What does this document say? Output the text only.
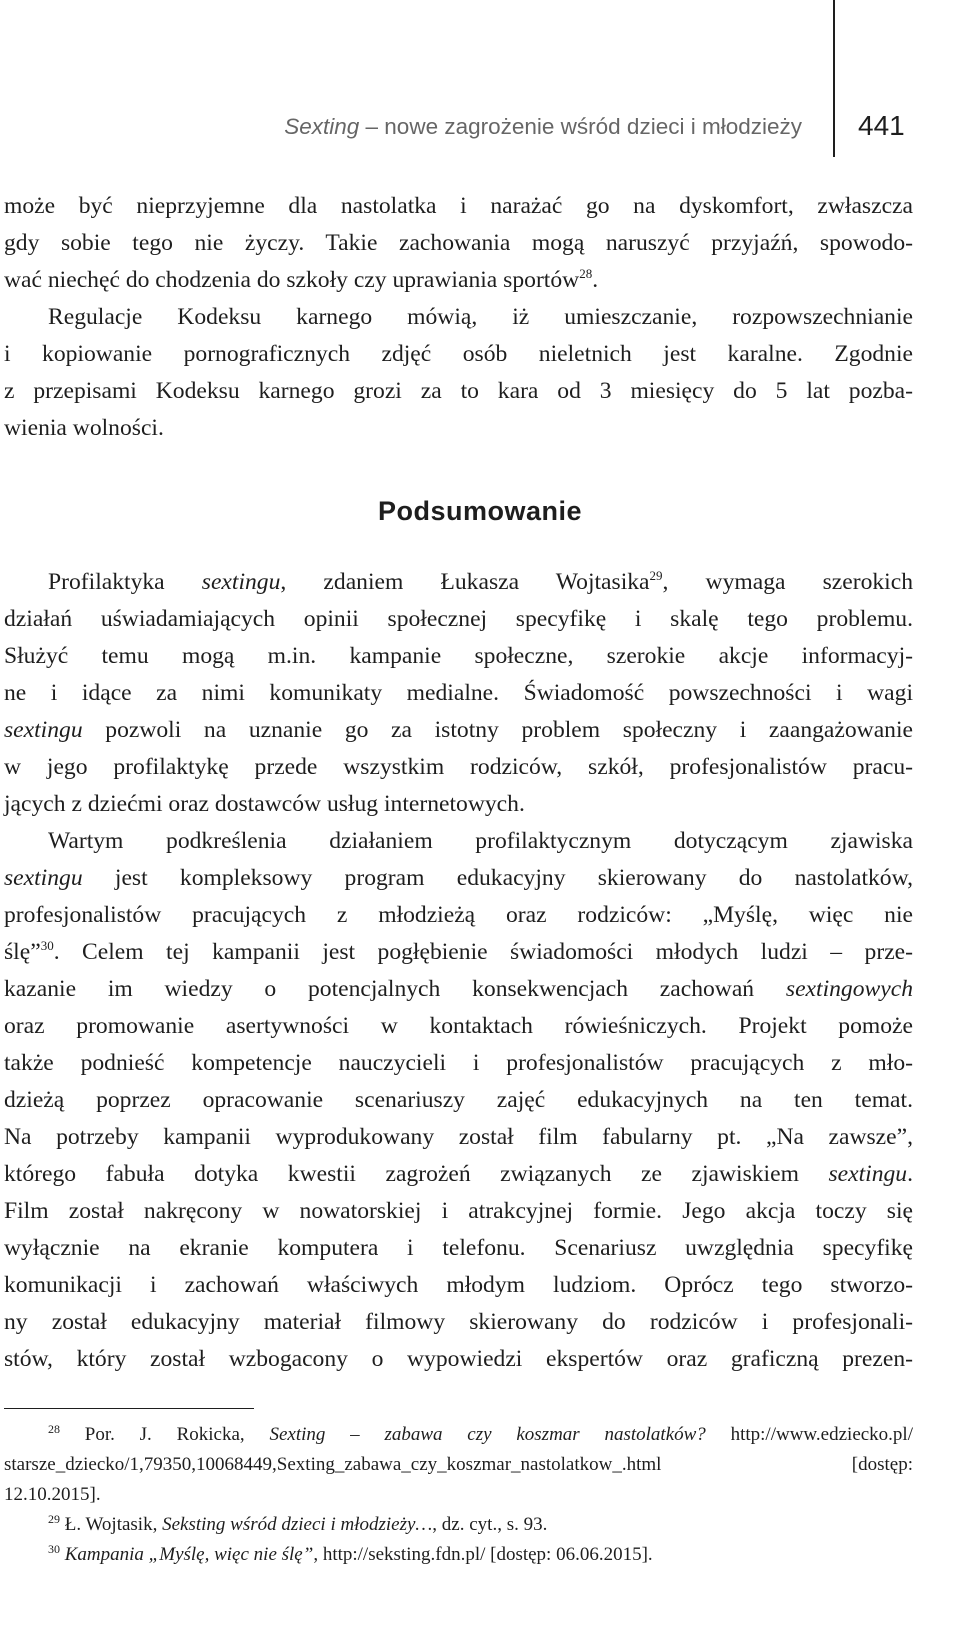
Sexting – nowe zagrożenie wśród dzieci i młodzieży 441
może być nieprzyjemne dla nastolatka i narażać go na dyskomfort, zwłaszcza
gdy sobie tego nie życzy. Takie zachowania mogą naruszyć przyjaźń, spowodo-
wać niechęć do chodzenia do szkoły czy uprawiania sportów$^{28}$.
Regulacje Kodeksu karnego mówią, iż umieszczanie, rozpowszechnianie
i kopiowanie pornograficznych zdjęć osób nieletnich jest karalne. Zgodnie
z przepisami Kodeksu karnego grozi za to kara od 3 miesięcy do 5 lat pozba-
wienia wolności.
Podsumowanie
Profilaktyka sextingu, zdaniem Łukasza Wojtasika$^{29}$, wymaga szerokich
działań uświadamiających opinii społecznej specyfikę i skalę tego problemu.
Służyć temu mogą m.in. kampanie społeczne, szerokie akcje informacyj-
ne i idące za nimi komunikaty medialne. Świadomość powszechności i wagi
sextingu pozwoli na uznanie go za istotny problem społeczny i zaangażowanie
w jego profilaktykę przede wszystkim rodziców, szkół, profesjonalistów pracu-
jących z dziećmi oraz dostawców usług internetowych.
Wartym podkreślenia działaniem profilaktycznym dotyczącym zjawiska
sextingu jest kompleksowy program edukacyjny skierowany do nastolatków,
profesjonalistów pracujących z młodzieżą oraz rodziców: „Myślę, więc nie
ślę”$^{30}$. Celem tej kampanii jest pogłębienie świadomości młodych ludzi – prze-
kazanie im wiedzy o potencjalnych konsekwencjach zachowań sextingowych
oraz promowanie asertywności w kontaktach rówieśniczych. Projekt pomoże
także podnieść kompetencje nauczycieli i profesjonalistów pracujących z mło-
dzieżą poprzez opracowanie scenariuszy zajęć edukacyjnych na ten temat.
Na potrzeby kampanii wyprodukowany został film fabularny pt. „Na zawsze”,
którego fabuła dotyka kwestii zagrożeń związanych ze zjawiskiem sextingu.
Film został nakręcony w nowatorskiej i atrakcyjnej formie. Jego akcja toczy się
wyłącznie na ekranie komputera i telefonu. Scenariusz uwzględnia specyfikę
komunikacji i zachowań właściwych młodym ludziom. Oprócz tego stworzo-
ny został edukacyjny materiał filmowy skierowany do rodziców i profesjonali-
stów, który został wzbogacony o wypowiedzi ekspertów oraz graficzną prezen-
$^{28}$ Por. J. Rokicka, Sexting – zabawa czy koszmar nastolatków? http://www.edziecko.pl/
starsze_dziecko/1,79350,10068449,Sexting_zabawa_czy_koszmar_nastolatkow_.html [dostęp:
12.10.2015].
$^{29}$ Ł. Wojtasik, Seksting wśród dzieci i młodzieży…, dz. cyt., s. 93.
$^{30}$ Kampania „Myślę, więc nie ślę”, http://seksting.fdn.pl/ [dostęp: 06.06.2015].
